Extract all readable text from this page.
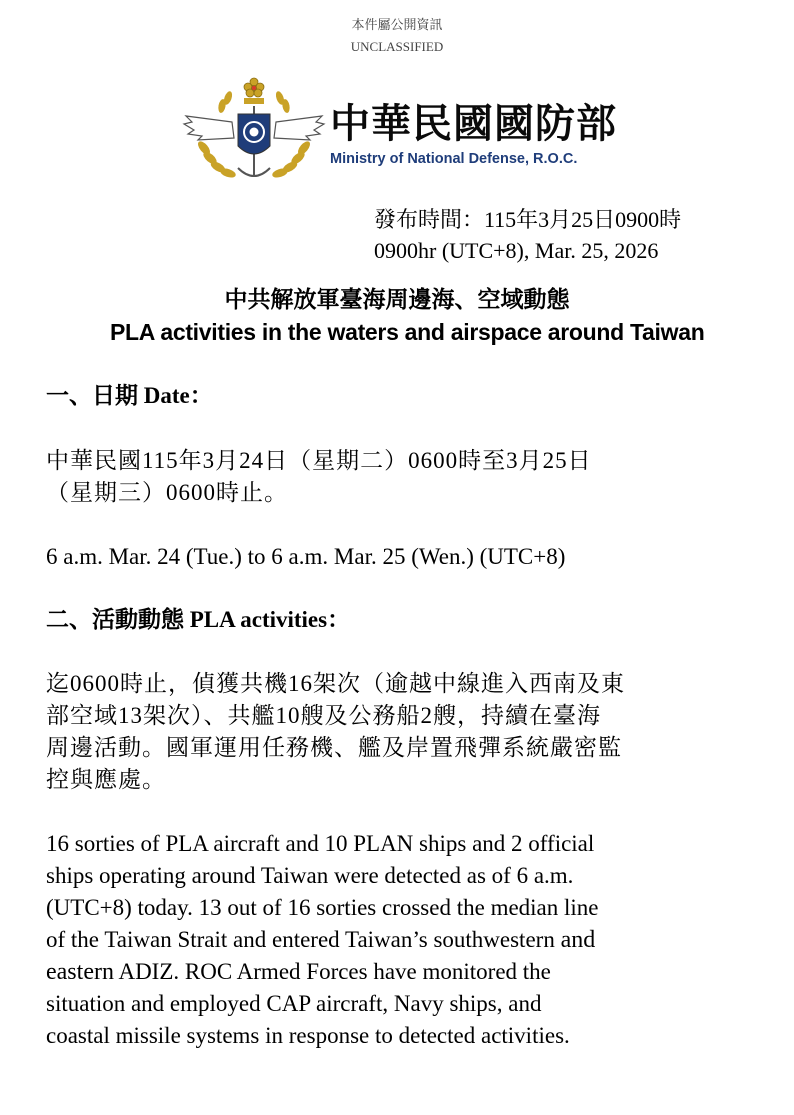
本件屬公開資訊
UNCLASSIFIED
中華民國國防部
Ministry of National Defense, R.O.C.
發布時間：115年3月25日0900時
0900hr (UTC+8), Mar. 25, 2026
中共解放軍臺海周邊海、空域動態
PLA activities in the waters and airspace around Taiwan
一、日期 Date：
中華民國115年3月24日（星期二）0600時至3月25日
（星期三）0600時止。
6 a.m. Mar. 24 (Tue.) to 6 a.m. Mar. 25 (Wen.) (UTC+8)
二、活動動態 PLA activities：
迄0600時止，偵獲共機16架次（逾越中線進入西南及東
部空域13架次）、共艦10艘及公務船2艘，持續在臺海
周邊活動。國軍運用任務機、艦及岸置飛彈系統嚴密監
控與應處。
16 sorties of PLA aircraft and 10 PLAN ships and 2 official
ships operating around Taiwan were detected as of 6 a.m.
(UTC+8) today. 13 out of 16 sorties crossed the median line
of the Taiwan Strait and entered Taiwan’s southwestern and
eastern ADIZ. ROC Armed Forces have monitored the
situation and employed CAP aircraft, Navy ships, and
coastal missile systems in response to detected activities.
